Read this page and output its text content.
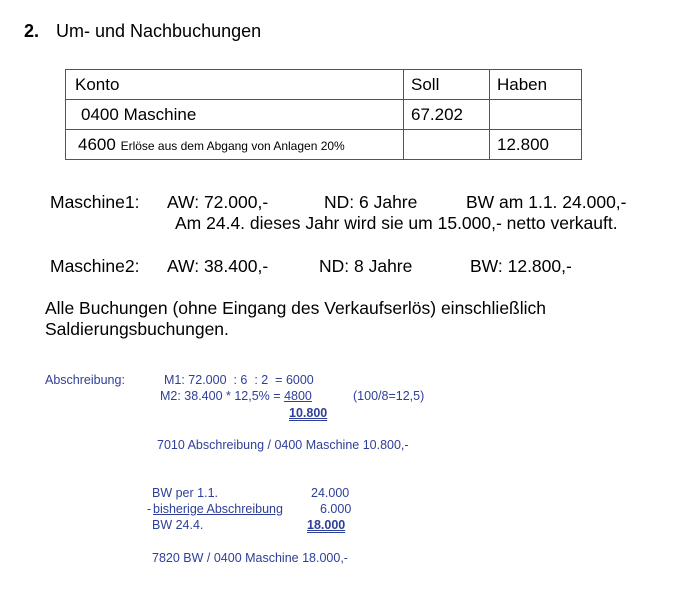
2. Um- und Nachbuchungen
Konto	Soll	Haben
0400 Maschine	67.202	
4600 Erlöse aus dem Abgang von Anlagen 20%		12.800
Maschine1: AW: 72.000,-	ND: 6 Jahre	BW am 1.1. 24.000,-
Am 24.4. dieses Jahr wird sie um 15.000,- netto verkauft.
Maschine2: AW: 38.400,-	ND: 8 Jahre	BW: 12.800,-
Alle Buchungen (ohne Eingang des Verkaufserlös) einschließlich
Saldierungsbuchungen.
Abschreibung:	M1: 72.000  : 6  : 2  = 6000
M2: 38.400 * 12,5% = 4800	(100/8=12,5)
10.800
7010 Abschreibung / 0400 Maschine 10.800,-
BW per 1.1.	24.000
- bisherige Abschreibung	6.000
BW 24.4.	18.000
7820 BW / 0400 Maschine 18.000,-
